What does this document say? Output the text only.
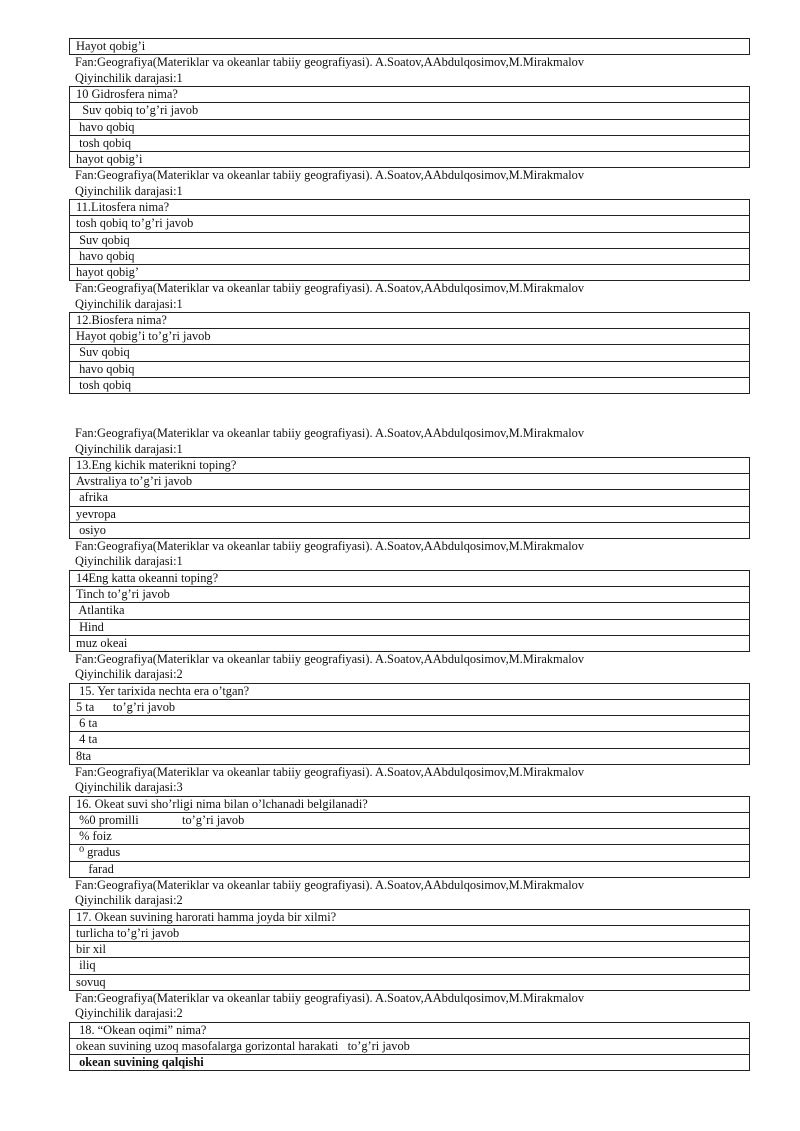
Hayot qobig’i
Fan:Geografiya(Materiklar va okeanlar tabiiy geografiyasi). A.Soatov,AAbdulqosimov,M.Mirakmalov
Qiyinchilik darajasi:1
10 Gidrosfera nima?
Suv qobiq to’g’ri javob
havo qobiq
tosh qobiq
hayot qobig’i
Fan:Geografiya(Materiklar va okeanlar tabiiy geografiyasi). A.Soatov,AAbdulqosimov,M.Mirakmalov
Qiyinchilik darajasi:1
11.Litosfera nima?
tosh qobiq to’g’ri javob
Suv qobiq
havo qobiq
hayot qobig’
Fan:Geografiya(Materiklar va okeanlar tabiiy geografiyasi). A.Soatov,AAbdulqosimov,M.Mirakmalov
Qiyinchilik darajasi:1
12.Biosfera nima?
Hayot qobig’i to’g’ri javob
Suv qobiq
havo qobiq
tosh qobiq
Fan:Geografiya(Materiklar va okeanlar tabiiy geografiyasi). A.Soatov,AAbdulqosimov,M.Mirakmalov
Qiyinchilik darajasi:1
13.Eng kichik materikni toping?
Avstraliya to’g’ri javob
afrika
yevropa
osiyo
Fan:Geografiya(Materiklar va okeanlar tabiiy geografiyasi). A.Soatov,AAbdulqosimov,M.Mirakmalov
Qiyinchilik darajasi:1
14Eng katta okeanni toping?
Tinch to’g’ri javob
Atlantika
Hind
muz okeai
Fan:Geografiya(Materiklar va okeanlar tabiiy geografiyasi). A.Soatov,AAbdulqosimov,M.Mirakmalov
Qiyinchilik darajasi:2
15. Yer tarixida nechta era o’tgan?
5 ta      to’g’ri javob
6 ta
4 ta
8ta
Fan:Geografiya(Materiklar va okeanlar tabiiy geografiyasi). A.Soatov,AAbdulqosimov,M.Mirakmalov
Qiyinchilik darajasi:3
16. Okeat suvi sho’rligi nima bilan o’lchanadi belgilanadi?
%0 promilli              to’g’ri javob
% foiz
⁰ gradus
farad
Fan:Geografiya(Materiklar va okeanlar tabiiy geografiyasi). A.Soatov,AAbdulqosimov,M.Mirakmalov
Qiyinchilik darajasi:2
17. Okean suvining harorati hamma joyda bir xilmi?
turlicha to’g’ri javob
bir xil
iliq
sovuq
Fan:Geografiya(Materiklar va okeanlar tabiiy geografiyasi). A.Soatov,AAbdulqosimov,M.Mirakmalov
Qiyinchilik darajasi:2
18. “Okean oqimi” nima?
okean suvining uzoq masofalarga gorizontal harakati   to’g’ri javob
okean suvining qalqishi
